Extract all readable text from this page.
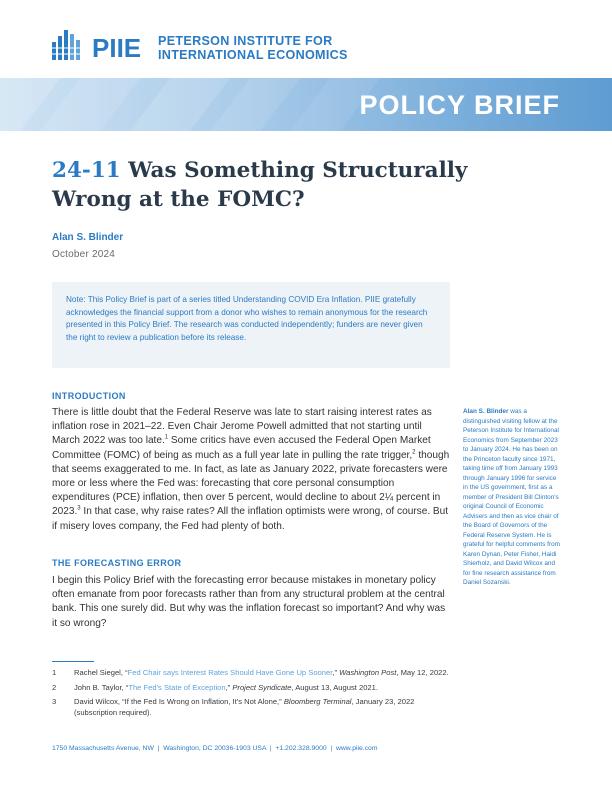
PIIE PETERSON INSTITUTE FOR
INTERNATIONAL ECONOMICS
POLICY BRIEF
24-11 Was Something Structurally Wrong at the FOMC?
Alan S. Blinder
October 2024

Note: This Policy Brief is part of a series titled Understanding COVID Era Inflation. PIIE gratefully acknowledges the financial support from a donor who wishes to remain anonymous for the research presented in this Policy Brief. The research was conducted independently; funders are never given the right to review a publication before its release.

INTRODUCTION

There is little doubt that the Federal Reserve was late to start raising interest rates as inflation rose in 2021–22. Even Chair Jerome Powell admitted that not starting until March 2022 was too late.$^1$ Some critics have even accused the Federal Open Market Committee (FOMC) of being as much as a full year late in pulling the rate trigger,$^2$ though that seems exaggerated to me. In fact, as late as January 2022, private forecasters were more or less where the Fed was: forecasting that core personal consumption expenditures (PCE) inflation, then over 5 percent, would decline to about 2¼ percent in 2023.$^3$ In that case, why raise rates? All the inflation optimists were wrong, of course. But if misery loves company, the Fed had plenty of both.

THE FORECASTING ERROR

I begin this Policy Brief with the forecasting error because mistakes in monetary policy often emanate from poor forecasts rather than from any structural problem at the central bank. This one surely did. But why was the inflation forecast so important? And why was it so wrong?

Alan S. Blinder was a distinguished visiting fellow at the Peterson Institute for International Economics from September 2023 to January 2024. He has been on the Princeton faculty since 1971, taking time off from January 1993 through January 1996 for service in the US government, first as a member of President Bill Clinton's original Council of Economic Advisers and then as vice chair of the Board of Governors of the Federal Reserve System. He is grateful for helpful comments from Karen Dynan, Peter Fisher, Haidi Shierholz, and David Wilcox and for fine research assistance from Daniel Sozanski.

1	Rachel Siegel, “Fed Chair says Interest Rates Should Have Gone Up Sooner,” Washington Post, May 12, 2022.
2	John B. Taylor, “The Fed's State of Exception,” Project Syndicate, August 13, August 2021.
3	David Wilcox, “If the Fed Is Wrong on Inflation, It's Not Alone,” Bloomberg Terminal, January 23, 2022 (subscription required).
1750 Massachusetts Avenue, NW  |  Washington, DC 20036-1903 USA  |  +1.202.328.9000  |  www.piie.com
